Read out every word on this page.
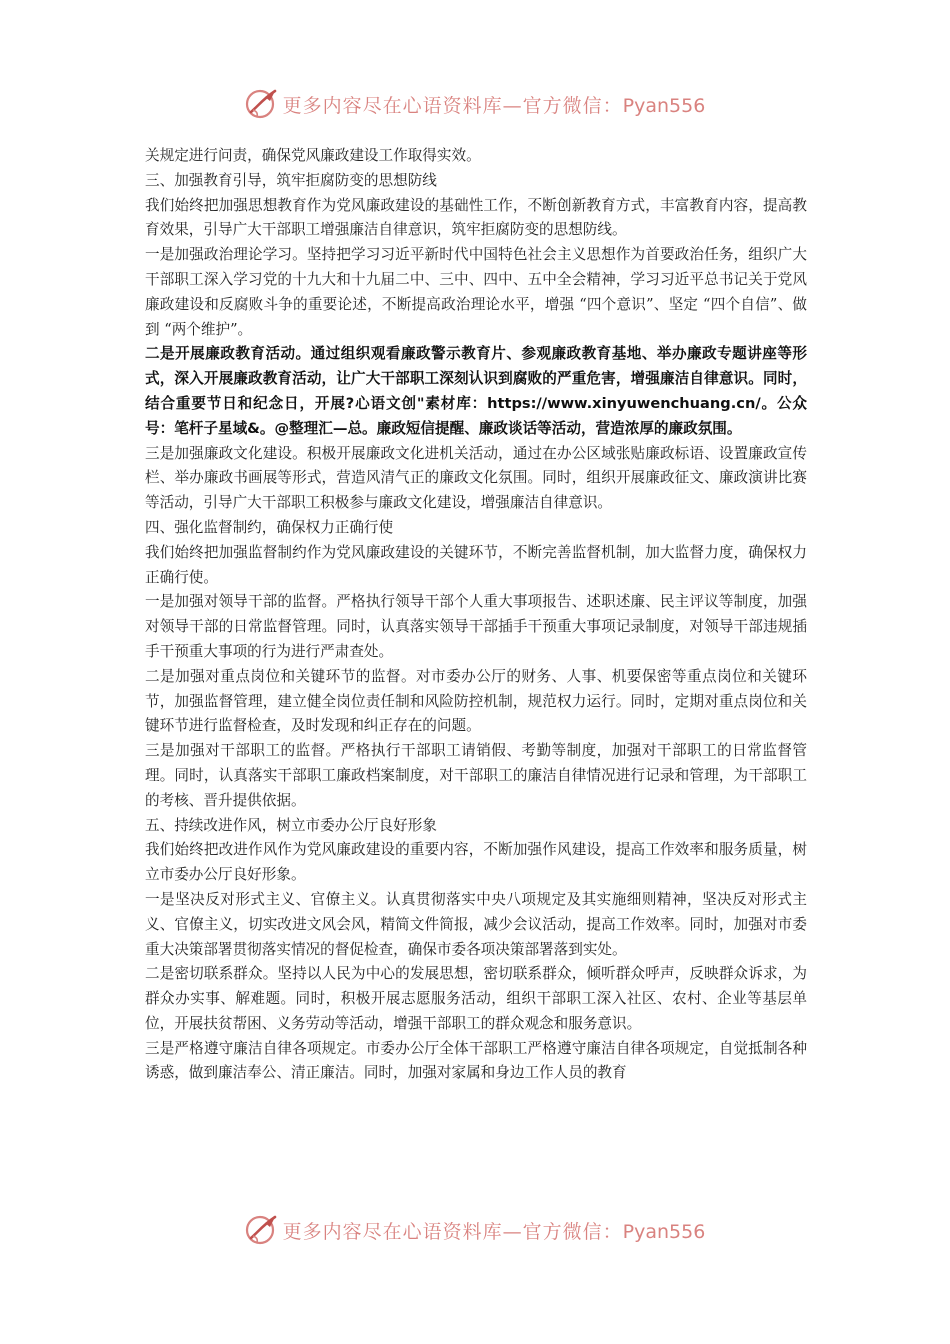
更多内容尽在心语资料库—官方微信：Pyan556

关规定进行问责，确保党风廉政建设工作取得实效。

三、加强教育引导，筑牢拒腐防变的思想防线

我们始终把加强思想教育作为党风廉政建设的基础性工作，不断创新教育方式，丰富教育内容，提高教育效果，引导广大干部职工增强廉洁自律意识，筑牢拒腐防变的思想防线。

一是加强政治理论学习。坚持把学习习近平新时代中国特色社会主义思想作为首要政治任务，组织广大干部职工深入学习党的十九大和十九届二中、三中、四中、五中全会精神，学习习近平总书记关于党风廉政建设和反腐败斗争的重要论述，不断提高政治理论水平，增强 “四个意识”、坚定 “四个自信”、做到 “两个维护”。

二是开展廉政教育活动。通过组织观看廉政警示教育片、参观廉政教育基地、举办廉政专题讲座等形式，深入开展廉政教育活动，让广大干部职工深刻认识到腐败的严重危害，增强廉洁自律意识。同时，结合重要节日和纪念日，开展?心语文创"素材库：https://www.xinyuwenchuang.cn/。公众号：笔杆子星域&。@整理汇—总。廉政短信提醒、廉政谈话等活动，营造浓厚的廉政氛围。

三是加强廉政文化建设。积极开展廉政文化进机关活动，通过在办公区域张贴廉政标语、设置廉政宣传栏、举办廉政书画展等形式，营造风清气正的廉政文化氛围。同时，组织开展廉政征文、廉政演讲比赛等活动，引导广大干部职工积极参与廉政文化建设，增强廉洁自律意识。

四、强化监督制约，确保权力正确行使

我们始终把加强监督制约作为党风廉政建设的关键环节，不断完善监督机制，加大监督力度，确保权力正确行使。

一是加强对领导干部的监督。严格执行领导干部个人重大事项报告、述职述廉、民主评议等制度，加强对领导干部的日常监督管理。同时，认真落实领导干部插手干预重大事项记录制度，对领导干部违规插手干预重大事项的行为进行严肃查处。

二是加强对重点岗位和关键环节的监督。对市委办公厅的财务、人事、机要保密等重点岗位和关键环节，加强监督管理，建立健全岗位责任制和风险防控机制，规范权力运行。同时，定期对重点岗位和关键环节进行监督检查，及时发现和纠正存在的问题。

三是加强对干部职工的监督。严格执行干部职工请销假、考勤等制度，加强对干部职工的日常监督管理。同时，认真落实干部职工廉政档案制度，对干部职工的廉洁自律情况进行记录和管理，为干部职工的考核、晋升提供依据。

五、持续改进作风，树立市委办公厅良好形象

我们始终把改进作风作为党风廉政建设的重要内容，不断加强作风建设，提高工作效率和服务质量，树立市委办公厅良好形象。

一是坚决反对形式主义、官僚主义。认真贯彻落实中央八项规定及其实施细则精神，坚决反对形式主义、官僚主义，切实改进文风会风，精简文件简报，减少会议活动，提高工作效率。同时，加强对市委重大决策部署贯彻落实情况的督促检查，确保市委各项决策部署落到实处。

二是密切联系群众。坚持以人民为中心的发展思想，密切联系群众，倾听群众呼声，反映群众诉求，为群众办实事、解难题。同时，积极开展志愿服务活动，组织干部职工深入社区、农村、企业等基层单位，开展扶贫帮困、义务劳动等活动，增强干部职工的群众观念和服务意识。

三是严格遵守廉洁自律各项规定。市委办公厅全体干部职工严格遵守廉洁自律各项规定，自觉抵制各种诱惑，做到廉洁奉公、清正廉洁。同时，加强对家属和身边工作人员的教育

更多内容尽在心语资料库—官方微信：Pyan556
